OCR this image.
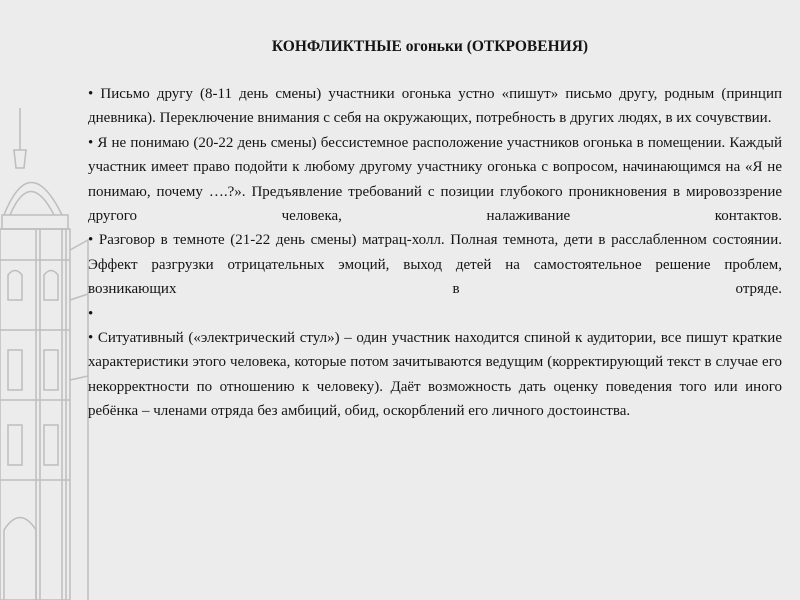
КОНФЛИКТНЫЕ огоньки (ОТКРОВЕНИЯ)

• Письмо другу (8-11 день смены) участники огонька устно «пишут» письмо другу, родным (принцип дневника). Переключение внимания с себя на окружающих, потребность в других людях, в их сочувствии.

• Я не понимаю (20-22 день смены) бессистемное расположение участников огонька в помещении. Каждый участник имеет право подойти к любому другому участнику огонька с вопросом, начинающимся на «Я не понимаю, почему ….?». Предъявление требований с позиции глубокого проникновения в мировоззрение другого человека, налаживание контактов.

• Разговор в темноте (21-22 день смены) матрац-холл. Полная темнота, дети в расслабленном состоянии. Эффект разгрузки отрицательных эмоций, выход детей на самостоятельное решение проблем, возникающих в отряде.

•

• Ситуативный («электрический стул») – один участник находится спиной к аудитории, все пишут краткие характеристики этого человека, которые потом зачитываются ведущим (корректирующий текст в случае его некорректности по отношению к человеку). Даёт возможность дать оценку поведения того или иного ребёнка – членами отряда без амбиций, обид, оскорблений его личного достоинства.
